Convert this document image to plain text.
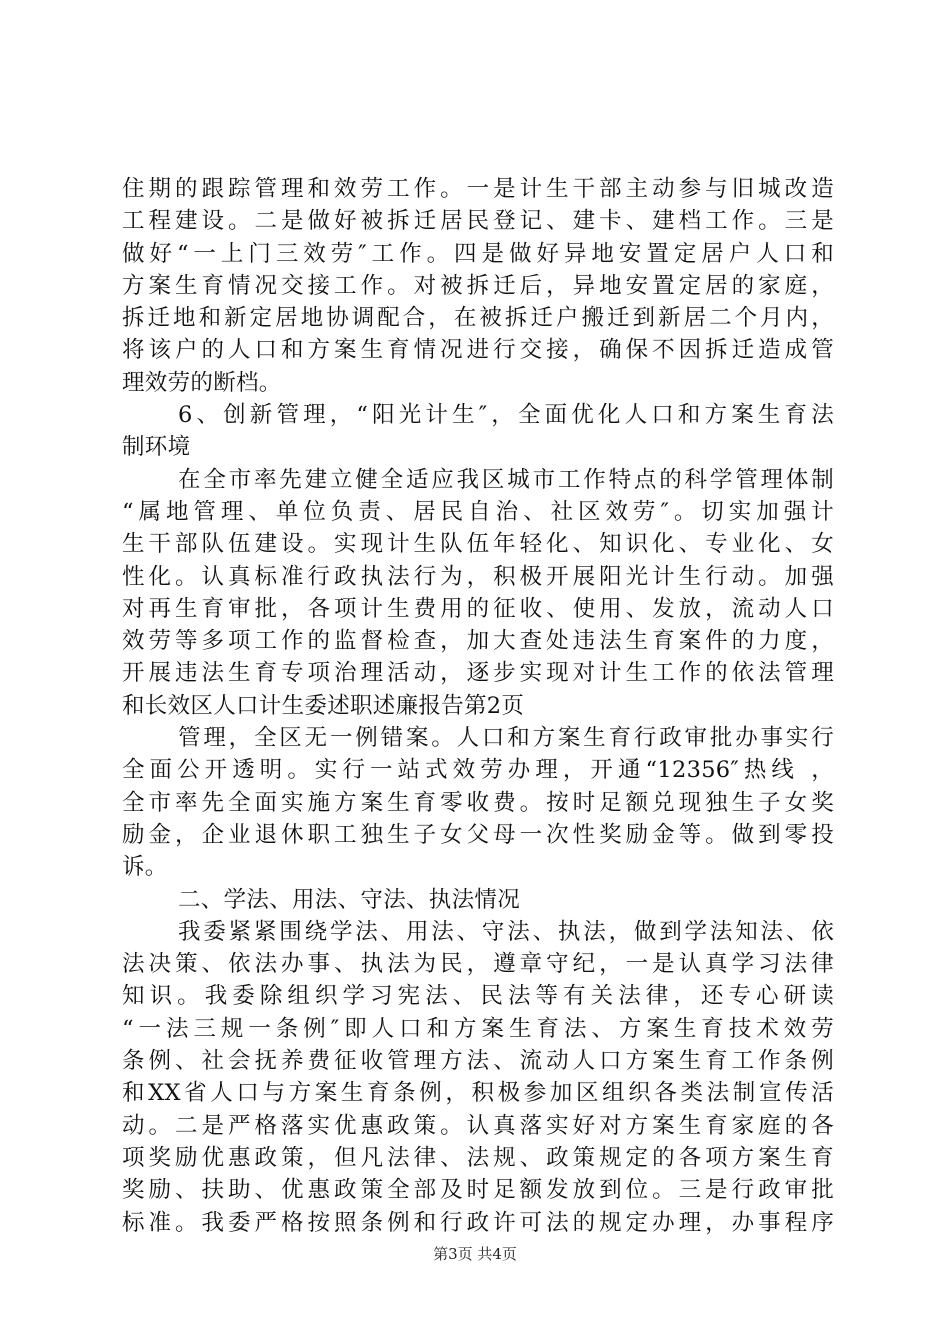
住期的跟踪管理和效劳工作。一是计生干部主动参与旧城改造
工程建设。二是做好被拆迁居民登记、建卡、建档工作。三是
做好“一上门三效劳″工作。四是做好异地安置定居户人口和
方案生育情况交接工作。对被拆迁后，异地安置定居的家庭，
拆迁地和新定居地协调配合，在被拆迁户搬迁到新居二个月内，
将该户的人口和方案生育情况进行交接，确保不因拆迁造成管
理效劳的断档。
6、创新管理，“阳光计生″，全面优化人口和方案生育法
制环境
在全市率先建立健全适应我区城市工作特点的科学管理体制
“属地管理、单位负责、居民自治、社区效劳″。切实加强计
生干部队伍建设。实现计生队伍年轻化、知识化、专业化、女
性化。认真标准行政执法行为，积极开展阳光计生行动。加强
对再生育审批，各项计生费用的征收、使用、发放，流动人口
效劳等多项工作的监督检查，加大查处违法生育案件的力度，
开展违法生育专项治理活动，逐步实现对计生工作的依法管理
和长效区人口计生委述职述廉报告第2页
管理，全区无一例错案。人口和方案生育行政审批办事实行
全面公开透明。实行一站式效劳办理，开通“12356″热线 ，
全市率先全面实施方案生育零收费。按时足额兑现独生子女奖
励金，企业退休职工独生子女父母一次性奖励金等。做到零投
诉。
二、学法、用法、守法、执法情况
我委紧紧围绕学法、用法、守法、执法，做到学法知法、依
法决策、依法办事、执法为民，遵章守纪，一是认真学习法律
知识。我委除组织学习宪法、民法等有关法律，还专心研读
“一法三规一条例″即人口和方案生育法、方案生育技术效劳
条例、社会抚养费征收管理方法、流动人口方案生育工作条例
和XX省人口与方案生育条例，积极参加区组织各类法制宣传活
动。二是严格落实优惠政策。认真落实好对方案生育家庭的各
项奖励优惠政策，但凡法律、法规、政策规定的各项方案生育
奖励、扶助、优惠政策全部及时足额发放到位。三是行政审批
标准。我委严格按照条例和行政许可法的规定办理，办事程序
第3页 共4页
